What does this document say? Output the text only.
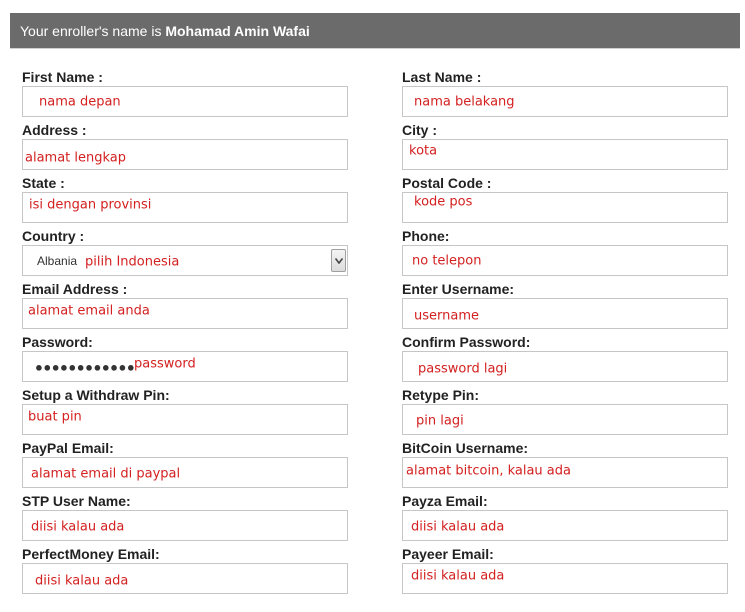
Your enroller's name is Mohamad Amin Wafai
First Name :
nama depan
Last Name :
nama belakang
Address :
alamat lengkap
City :
kota
State :
isi dengan provinsi
Postal Code :
kode pos
Country :
Albania pilih Indonesia
Phone:
no telepon
Email Address :
alamat email anda
Enter Username:
username
Password:
●●●●●●●●●●●●
password
Confirm Password:
password lagi
Setup a Withdraw Pin:
buat pin
Retype Pin:
pin lagi
PayPal Email:
alamat email di paypal
BitCoin Username:
alamat bitcoin, kalau ada
STP User Name:
diisi kalau ada
Payza Email:
diisi kalau ada
PerfectMoney Email:
diisi kalau ada
Payeer Email:
diisi kalau ada
